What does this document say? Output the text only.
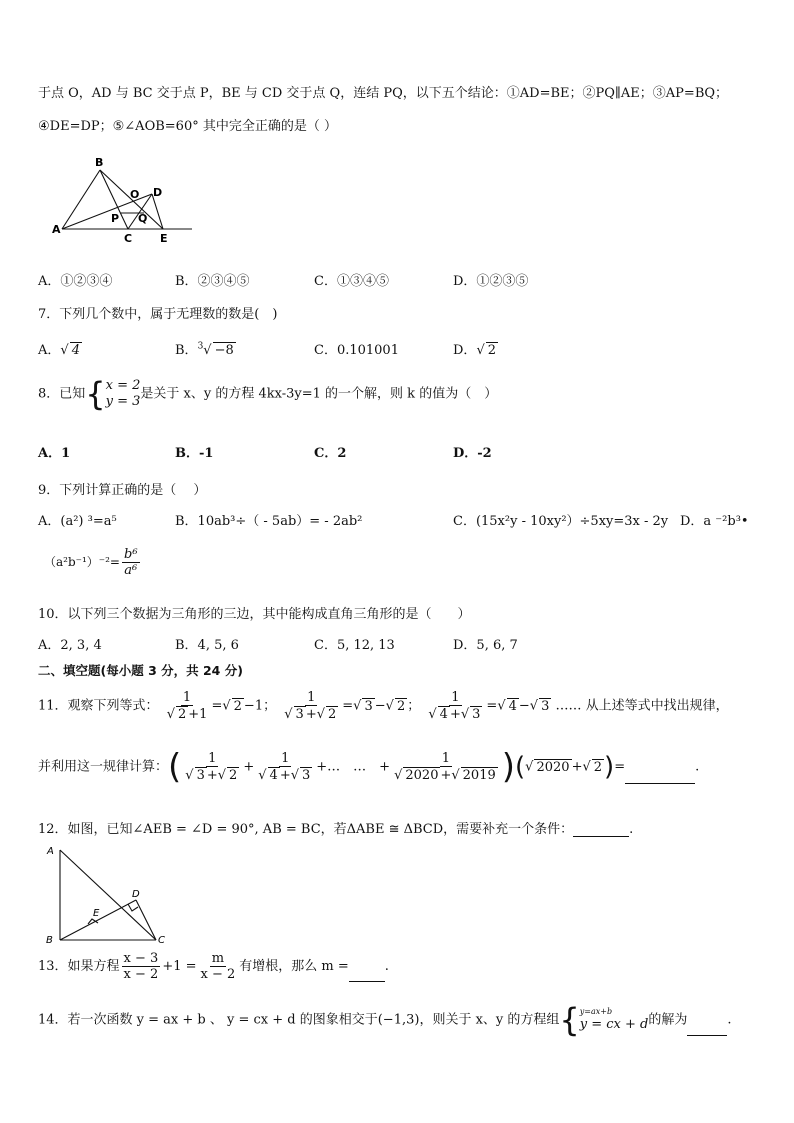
于点 O，AD 与 BC 交于点 P，BE 与 CD 交于点 Q，连结 PQ，以下五个结论：①AD=BE；②PQ∥AE；③AP=BQ；
④DE=DP；⑤∠AOB=60° 其中完全正确的是（ ）
A
B
C
D
E
O
P Q
A．①②③④	B．②③④⑤	C．①③④⑤	D．①②③⑤
7．下列几个数中，属于无理数的数是(　)
A．√ 4	B．$^3$√ −8	C．0.101001	D．√ 2
8．已知{ x = 2
y = 3 是关于 x、y 的方程 4kx-3y=1 的一个解，则 k 的值为（　）
A．1	B．-1	C．2	D．-2
9．下列计算正确的是（　 ）
A．(a²) ³=a⁵	B．10ab³÷（ - 5ab）= - 2ab²	C．(15x²y - 10xy²）÷5xy=3x - 2y D．a ⁻²b³•
$(a^2b^{-1})^{-2}= \frac{\text{b⁶}}{\text{a⁶}}$
10．以下列三个数据为三角形的三边，其中能构成直角三角形的是（　　）
A．2, 3, 4	B．4, 5, 6	C．5, 12, 13	D．5, 6, 7
二、填空题(每小题 3 分，共 24 分)
11．观察下列等式： $\frac{1}{√ 2 +1}$ =√ 2 −1； $\frac{1}{√ 3 +√ 2}$ =√ 3 −√ 2 ； $\frac{1}{√ 4 +√ 3}$ =√ 4 −√ 3 …… 从上述等式中找出规律，
并利用这一规律计算：( $\frac{1}{√ 3 +√ 2} + \frac{1}{√ 4 +√ 3}$ +…　…　+ $\frac{1}{√ 2020 +√ 2019}$ )(√ 2020 +√ 2)=	.
12．如图，已知∠AEB = ∠D = 90°, AB = BC，若ΔABE ≅ ΔBCD，需要补充一个条件：	.
A
B	C
D
E
13．如果方程 $\frac{x - 3}{x - 2} +1 = \frac{m}{x - 2}$ 有增根，那么 m =	.
14．若一次函数 y = ax + b 、 y = cx + d 的图象相交于(−1,3)，则关于 x、y 的方程组{ y=ax+b
y = cx + d 的解为	.
